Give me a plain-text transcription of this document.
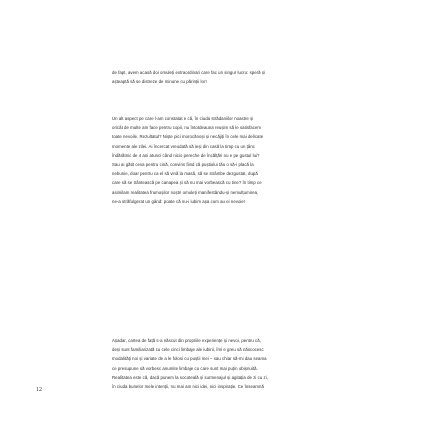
de fapt, avem acasă doi omuleți extraordinari care fac un singur lucru: speră și
așteaptă să se distreze de minune cu părinții lor!
Un alt aspect pe care l-am constatat e că, în ciuda strădaniilor noastre și
oricât de multe am face pentru copii, nu întotdeauna reușim să le satisfacem
toate nevoile. Rezultatul? Niște pici morocănoși și necăjiți în cele mai delicate
momente ale zilei. Ai încercat vreodată să ieși din casă la timp cu un țânc
îndărătnic de 4 ani atunci când nicio pereche de încălțări nu e pe gustul lui?
Sau ai gătit ceva pentru cină, convins fiind că puștiului tău o să-i placă la
nebunie, doar pentru ca el să vină la masă, să se strâmbe dezgustat, după
care să se trântească pe canapea și să nu mai vorbească cu tine? În timp ce
asimilam realitatea frumoșilor noștri omuleți manifestându-și nemulțumirea,
ne-a străfulgerat un gând: poate că nu-i iubim așa cum au ei nevoie!
Așadar, cartea de față s-a născut din propriile experiențe și nevoi, pentru că,
deși sunt familiarizată cu cele cinci limbaje ale iubirii, îmi e greu să născocesc
modalități noi și variate de a le folosi cu puștii mei – sau chiar să-mi dau seama
ce presupune să vorbesc anumite limbaje cu care sunt mai puțin obișnuită.
Realitatea este că, dacă punem la socoteală și surmenajul și agitația de zi cu zi,
în ciuda bunelor mele intenții, nu mai am nici idei, nici inspirație. Ce înseamnă
12
